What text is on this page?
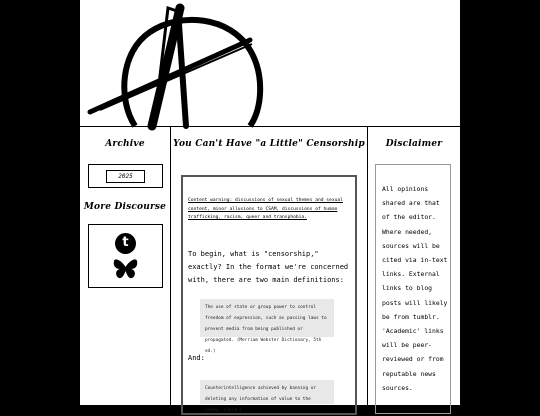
Archive
2025
More Discourse
t
You Can't Have "a Little" Censorship
Content warning: discussions of sexual themes and sexual content, minor allusions to CSAM, discussions of human trafficking, racism, queer and transphobia.
To begin, what is "censorship," exactly? In the format we're concerned with, there are two main definitions:
The use of state or group power to control freedom of expression, such as passing laws to prevent media from being published or propagated. (Merriam Webster Dictionary, 5th ed.)
And:
Counterintelligence achieved by banning or deleting any information of value to the enemy. (ibid.)
Disclaimer
All opinions shared are that of the editor. Where needed, sources will be cited via in-text links. External links to blog posts will likely be from tumblr. 'Academic' links will be peer-reviewed or from reputable news sources.
